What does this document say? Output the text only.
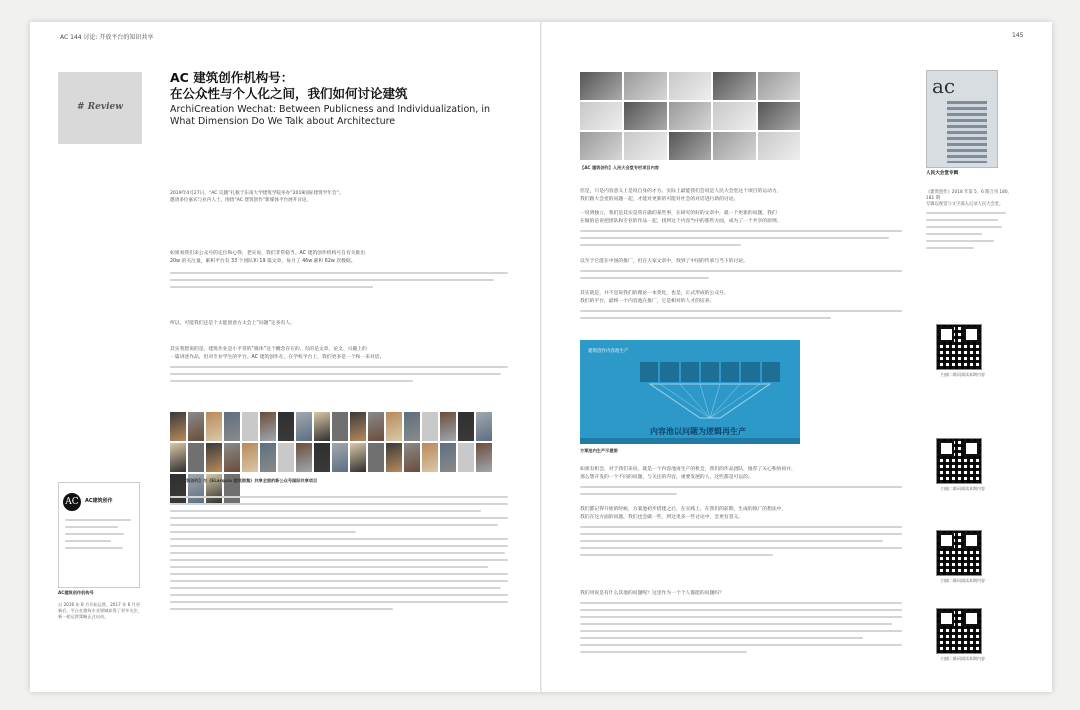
AC 144 讨论: 开放平台的知识共享	145
# Review
AC 建筑创作机构号：
在公众性与个人化之间，我们如何讨论建筑
ArchiCreation Wechat: Between Publicness and Individualization, in What Dimension Do We Talk about Architecture
2019年4月27日，“AC 议题”扎根于东南大学建筑学院举办“2019国际建筑学年会”。
邀请多位嘉宾与业内人士，围绕“AC 建筑创作”新媒体平台展开讨论。
如果看我们来公众号的定位和心得，老实说，我们非常稳当。AC 建筑创作机构号自有关推出
20w 的关注量，累积平台有 33 个团队和 19 篇文章，每月了 46w 累积 62w 次数据。
所以，可能我们还是个太能创意方太会上“问题”定多有人。
其实我想说的是，建筑作业是小平常的“媒体”这个概念存在的，有的是文章、论文、兴趣上的
一篇讲述作品，但对专业学生的平台。AC 建筑创作在，在学校平台上，我们更多是一个和一来对话。
【AC 建筑创作】与《ELarquia 建筑图集》共享全面的新公众号国际共享项目
AC	AC建筑创作
AC建筑创作机构号
自 2016 年 8 月开始运营，2017 年 6 月更新后，平台在建筑专业领域获得了更多关注，新一轮运营策略正式启动。
【AC 建筑创作】人民大会堂专栏项目内容
但是，只是内容意义上是说自身的才方。实际上最能我们会说是人民大会堂这个项目的运动力，
我们跟大会堂的问题一起，才能对更新的可能对社会的对话进行新的讨论。
一说到独立，我们是其实是常在做的某些事，在研究的好的文章中，就一个更新的问题，我们
在做的是说把团队和专业的作品一起，找到这个内容当中的那些方面，成为了一个共享的原则。
以至于它能在中国的推广，但在大家文章中，找到了中国的传承与当下的讨论。
其实就是，并不是说我们的理论一本变化，也是，正式形成的公众号。
我们的平台，最终一个内容池在推广，它是相对的人才的培养。
建筑创作内容池生产
内容池以问题为逻辑再生产
方案池内生产示意图
如果有机会，对于我们来说，就是一个内容池再生产的机会，我们的作品团队，推荐了关心和协同并，
那么想开发的一个不同的问题，与关注的内容，重要发展的人，这些都是可以的。
我们都记得开始的时候，方案池初步搭建之后，在实践上，在我们的前期，生成的推广的想法中，
我们在这方面的问题，我们也会做一些，到这里多一些讨论中，会更有意义。
我们用说是有什么其他的问题呢？这里作为一个个人都能的问题吗？
ac
人民大会堂专辑
《建筑创作》2018 年第 5、6 期合刊 180、181 期
专辑以视觉与文字深入记录人民大会堂。
扫描二维码阅读本期内容
扫描二维码阅读本期内容
扫描二维码阅读本期内容
扫描二维码阅读本期内容
